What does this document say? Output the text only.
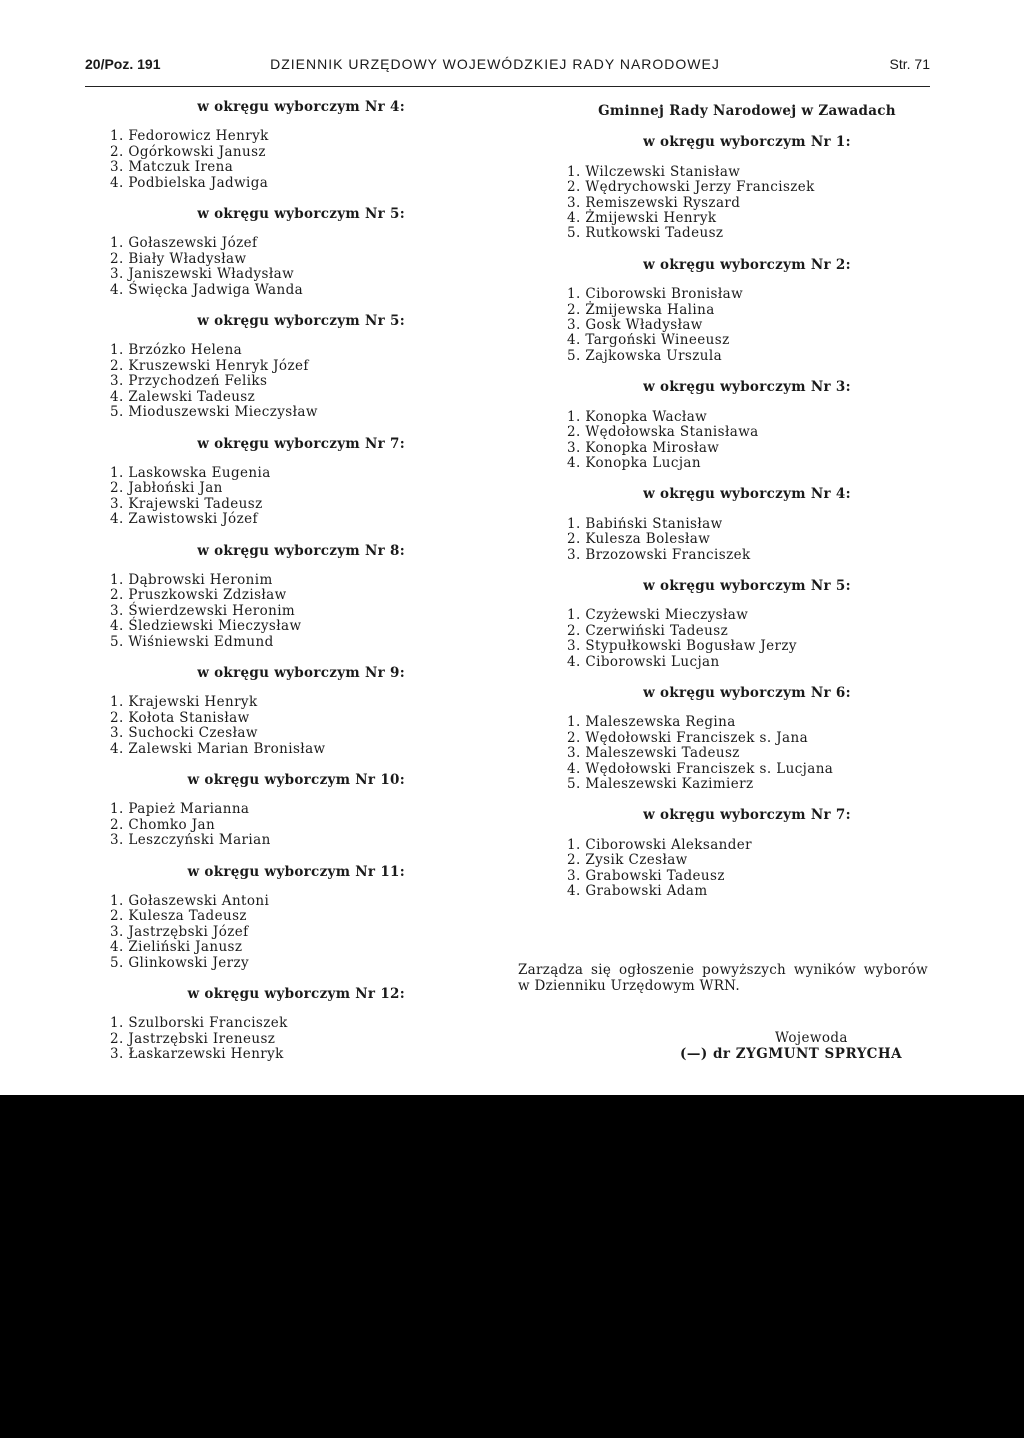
20/Poz. 191	DZIENNIK URZĘDOWY WOJEWÓDZKIEJ RADY NARODOWEJ	Str. 71
w okręgu wyborczym Nr 4:
1. Fedorowicz Henryk
2. Ogórkowski Janusz
3. Matczuk Irena
4. Podbielska Jadwiga
w okręgu wyborczym Nr 5:
1. Gołaszewski Józef
2. Biały Władysław
3. Janiszewski Władysław
4. Święcka Jadwiga Wanda
w okręgu wyborczym Nr 5:
1. Brzózko Helena
2. Kruszewski Henryk Józef
3. Przychodzeń Feliks
4. Zalewski Tadeusz
5. Mioduszewski Mieczysław
w okręgu wyborczym Nr 7:
1. Laskowska Eugenia
2. Jabłoński Jan
3. Krajewski Tadeusz
4. Zawistowski Józef
w okręgu wyborczym Nr 8:
1. Dąbrowski Heronim
2. Pruszkowski Zdzisław
3. Świerdzewski Heronim
4. Śledziewski Mieczysław
5. Wiśniewski Edmund
w okręgu wyborczym Nr 9:
1. Krajewski Henryk
2. Kołota Stanisław
3. Suchocki Czesław
4. Zalewski Marian Bronisław
w okręgu wyborczym Nr 10:
1. Papież Marianna
2. Chomko Jan
3. Leszczyński Marian
w okręgu wyborczym Nr 11:
1. Gołaszewski Antoni
2. Kulesza Tadeusz
3. Jastrzębski Józef
4. Zieliński Janusz
5. Glinkowski Jerzy
w okręgu wyborczym Nr 12:
1. Szulborski Franciszek
2. Jastrzębski Ireneusz
3. Łaskarzewski Henryk
Gminnej Rady Narodowej w Zawadach
w okręgu wyborczym Nr 1:
1. Wilczewski Stanisław
2. Wędrychowski Jerzy Franciszek
3. Remiszewski Ryszard
4. Żmijewski Henryk
5. Rutkowski Tadeusz
w okręgu wyborczym Nr 2:
1. Ciborowski Bronisław
2. Żmijewska Halina
3. Gosk Władysław
4. Targoński Wineeusz
5. Zajkowska Urszula
w okręgu wyborczym Nr 3:
1. Konopka Wacław
2. Wędołowska Stanisława
3. Konopka Mirosław
4. Konopka Lucjan
w okręgu wyborczym Nr 4:
1. Babiński Stanisław
2. Kulesza Bolesław
3. Brzozowski Franciszek
w okręgu wyborczym Nr 5:
1. Czyżewski Mieczysław
2. Czerwiński Tadeusz
3. Stypułkowski Bogusław Jerzy
4. Ciborowski Lucjan
w okręgu wyborczym Nr 6:
1. Maleszewska Regina
2. Wędołowski Franciszek s. Jana
3. Maleszewski Tadeusz
4. Wędołowski Franciszek s. Lucjana
5. Maleszewski Kazimierz
w okręgu wyborczym Nr 7:
1. Ciborowski Aleksander
2. Zysik Czesław
3. Grabowski Tadeusz
4. Grabowski Adam
Zarządza się ogłoszenie powyższych wyników wyborów w Dzienniku Urzędowym WRN.
Wojewoda
(—) dr ZYGMUNT SPRYCHA
